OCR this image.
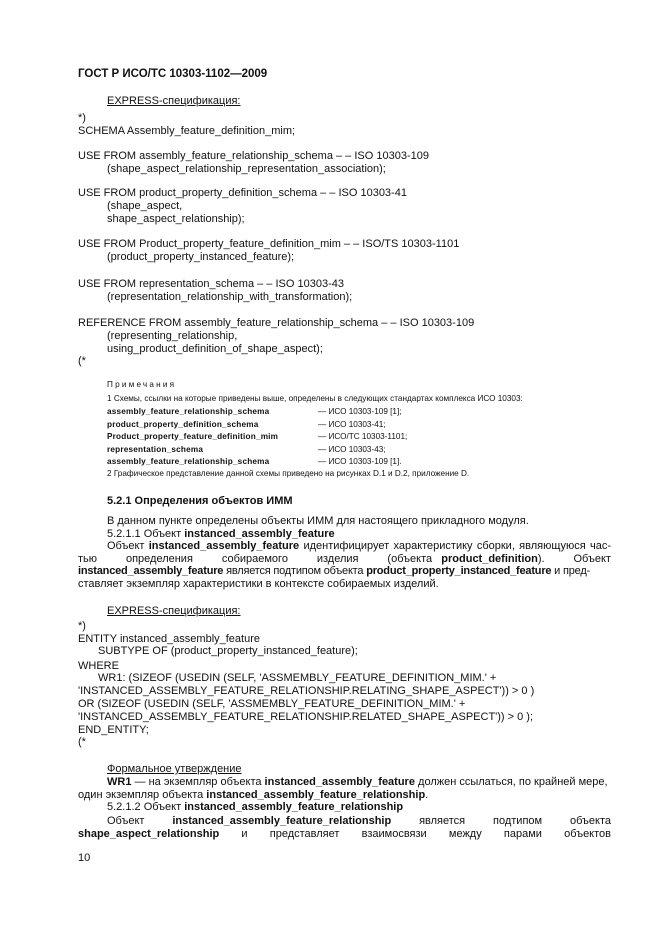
ГОСТ Р ИСО/ТС 10303-1102—2009
EXPRESS-спецификация:
*)
SCHEMA Assembly_feature_definition_mim;
USE FROM assembly_feature_relationship_schema – – ISO 10303-109
(shape_aspect_relationship_representation_association);
USE FROM product_property_definition_schema – – ISO 10303-41
(shape_aspect,
shape_aspect_relationship);
USE FROM Product_property_feature_definition_mim – – ISO/TS 10303-1101
(product_property_instanced_feature);
USE FROM representation_schema – – ISO 10303-43
(representation_relationship_with_transformation);
REFERENCE FROM assembly_feature_relationship_schema – – ISO 10303-109
(representing_relationship,
using_product_definition_of_shape_aspect);
(*
Примечания
1 Схемы, ссылки на которые приведены выше, определены в следующих стандартах комплекса ИСО 10303:
assembly_feature_relationship_schema	— ИСО 10303-109 [1];
product_property_definition_schema	— ИСО 10303-41;
Product_property_feature_definition_mim	— ИСО/ТС 10303-1101;
representation_schema	— ИСО 10303-43;
assembly_feature_relationship_schema	— ИСО 10303-109 [1].
2 Графическое представление данной схемы приведено на рисунках D.1 и D.2, приложение D.
5.2.1 Определения объектов ИММ
В данном пункте определены объекты ИММ для настоящего прикладного модуля.
5.2.1.1 Объект instanced_assembly_feature
Объект instanced_assembly_feature идентифицирует характеристику сборки, являющуюся час-
тью	определения	собираемого	изделия	(объекта product_definition).	Объект
instanced_assembly_feature является подтипом объекта product_property_instanced_feature и пред-
ставляет экземпляр характеристики в контексте собираемых изделий.
EXPRESS-спецификация:
*)
ENTITY instanced_assembly_feature
SUBTYPE OF (product_property_instanced_feature);
WHERE
WR1: (SIZEOF (USEDIN (SELF, 'ASSMEMBLY_FEATURE_DEFINITION_MIM.' +
'INSTANCED_ASSEMBLY_FEATURE_RELATIONSHIP.RELATING_SHAPE_ASPECT')) > 0 )
OR (SIZEOF (USEDIN (SELF, 'ASSMEMBLY_FEATURE_DEFINITION_MIM.' +
'INSTANCED_ASSEMBLY_FEATURE_RELATIONSHIP.RELATED_SHAPE_ASPECT')) > 0 );
END_ENTITY;
(*
Формальное утверждение
WR1 — на экземпляр объекта instanced_assembly_feature должен ссылаться, по крайней мере,
один экземпляр объекта instanced_assembly_feature_relationship.
5.2.1.2 Объект instanced_assembly_feature_relationship
Объект	instanced_assembly_feature_relationship	является	подтипом	объекта
shape_aspect_relationship и представляет взаимосвязи между парами объектов
10
